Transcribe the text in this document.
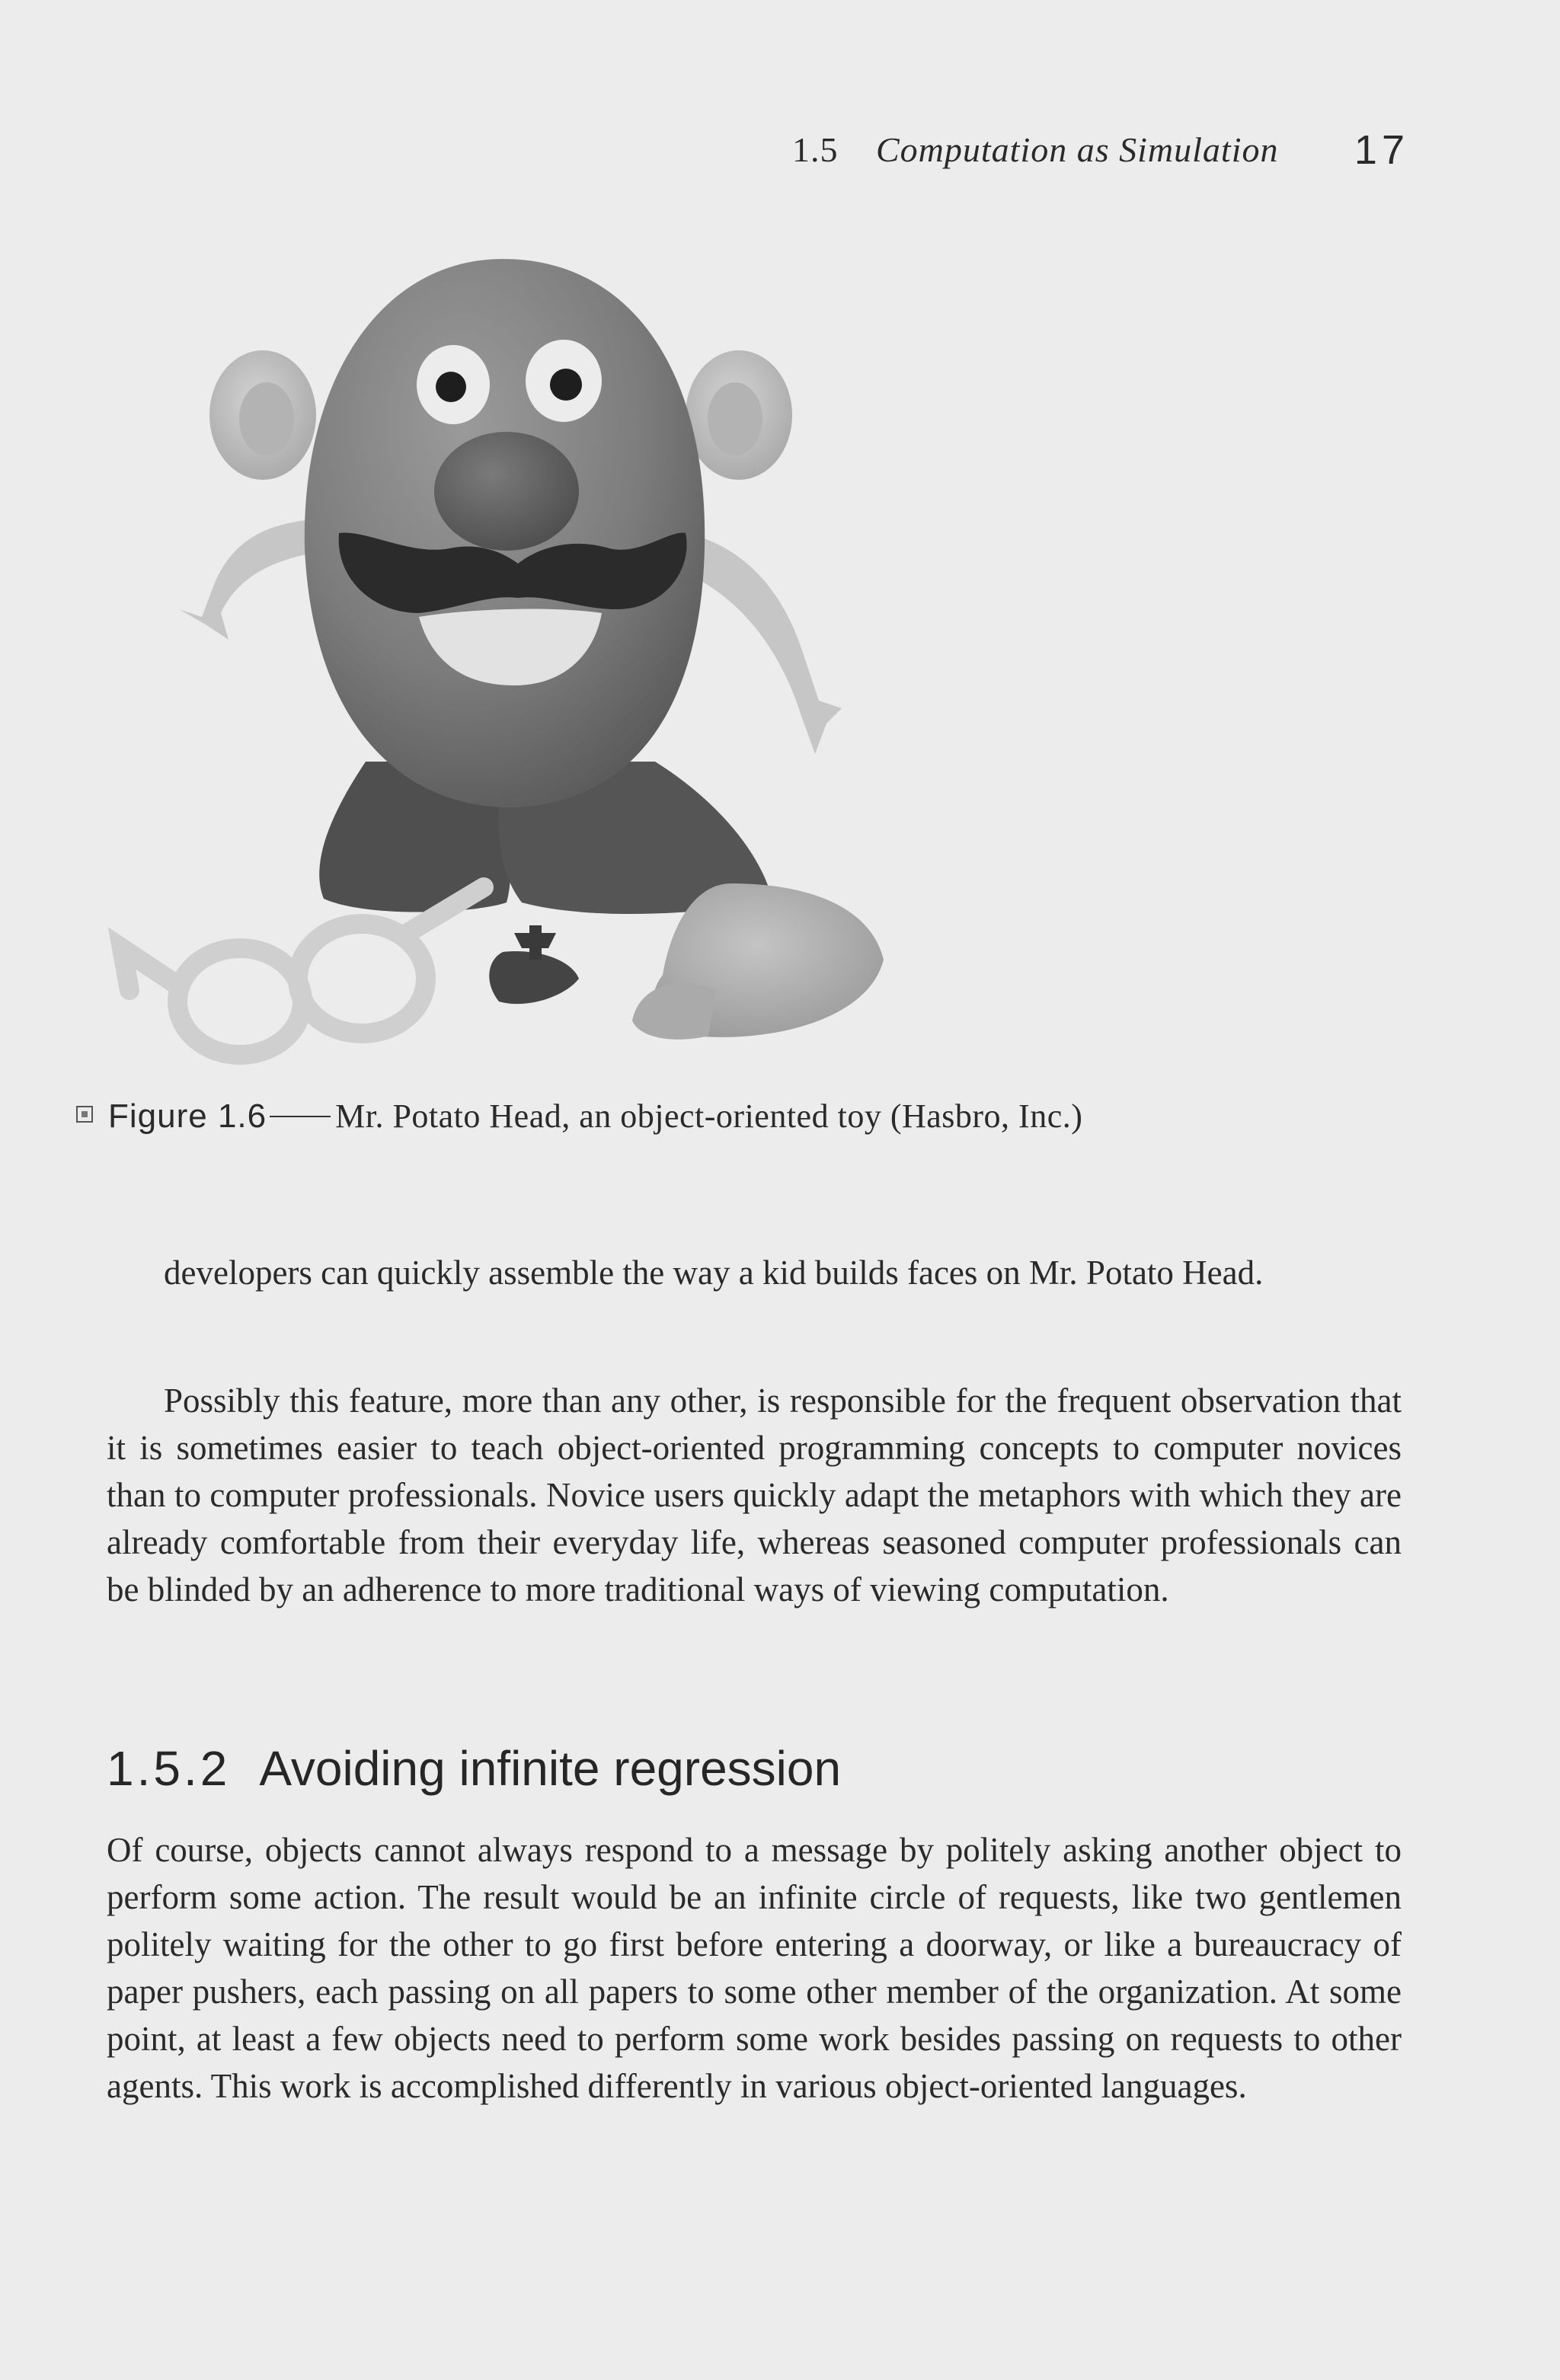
1.5 Computation as Simulation 17
Figure 1.6 Mr. Potato Head, an object-oriented toy (Hasbro, Inc.)

developers can quickly assemble the way a kid builds faces on Mr. Potato Head.

Possibly this feature, more than any other, is responsible for the frequent observation that it is sometimes easier to teach object-oriented programming concepts to computer novices than to computer professionals. Novice users quickly adapt the metaphors with which they are already comfortable from their everyday life, whereas seasoned computer professionals can be blinded by an adherence to more traditional ways of viewing computation.

1.5.2 Avoiding infinite regression

Of course, objects cannot always respond to a message by politely asking another object to perform some action. The result would be an infinite circle of requests, like two gentlemen politely waiting for the other to go first before entering a doorway, or like a bureaucracy of paper pushers, each passing on all papers to some other member of the organization. At some point, at least a few objects need to perform some work besides passing on requests to other agents. This work is accomplished differently in various object-oriented languages.
